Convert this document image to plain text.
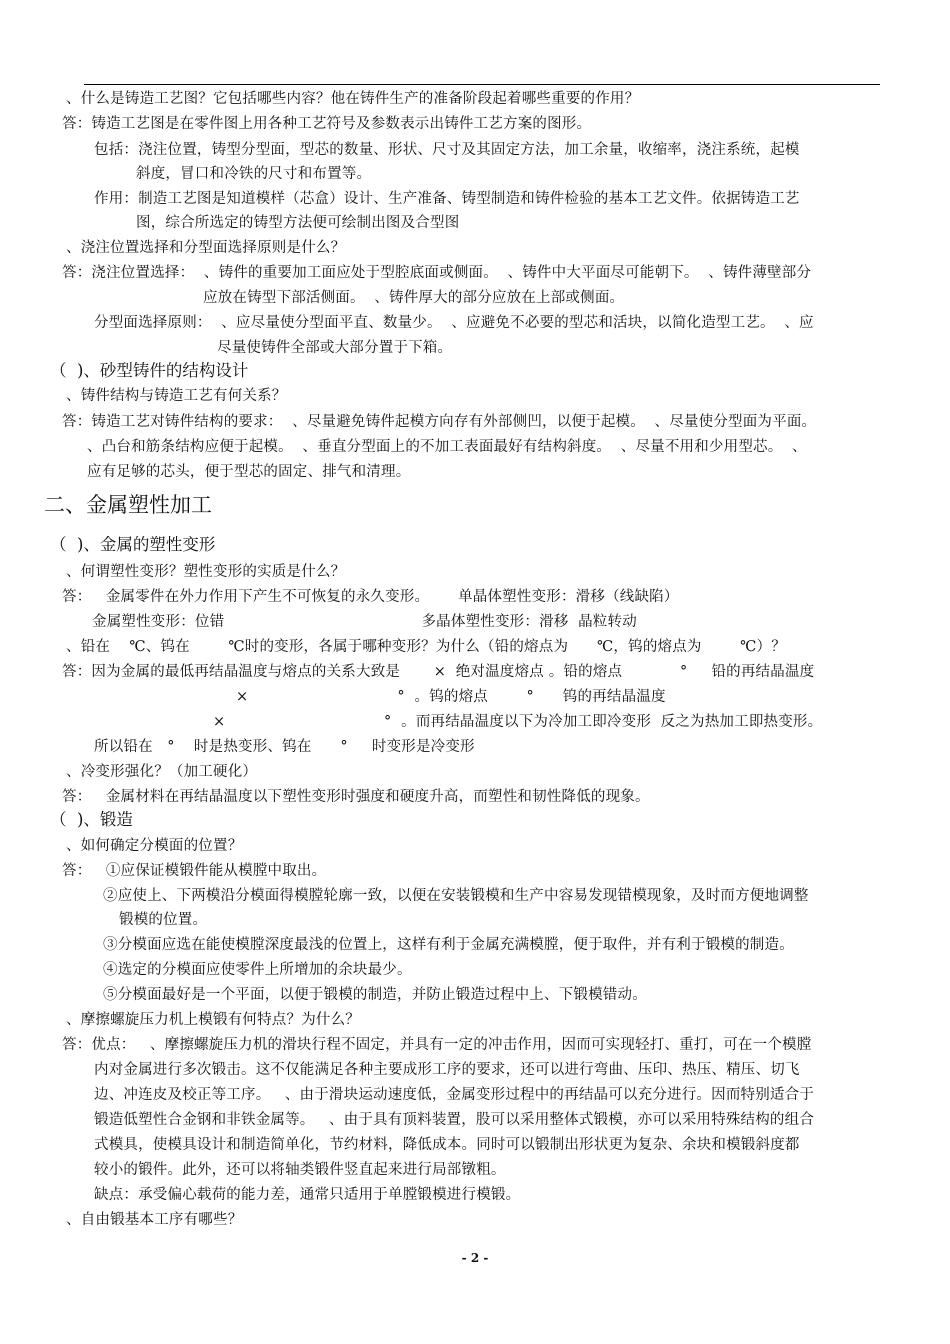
、什么是铸造工艺图？它包括哪些内容？他在铸件生产的准备阶段起着哪些重要的作用？
答：铸造工艺图是在零件图上用各种工艺符号及参数表示出铸件工艺方案的图形。
包括：浇注位置，铸型分型面，型芯的数量、形状、尺寸及其固定方法，加工余量，收缩率，浇注系统，起模
斜度，冒口和冷铁的尺寸和布置等。
作用：制造工艺图是知道模样（芯盒）设计、生产准备、铸型制造和铸件检验的基本工艺文件。依据铸造工艺
图，综合所选定的铸型方法便可绘制出图及合型图
、浇注位置选择和分型面选择原则是什么？
答：浇注位置选择：  、铸件的重要加工面应处于型腔底面或侧面。  、铸件中大平面尽可能朝下。  、铸件薄壁部分
应放在铸型下部活侧面。  、铸件厚大的部分应放在上部或侧面。
分型面选择原则：  、应尽量使分型面平直、数量少。  、应避免不必要的型芯和活块，以简化造型工艺。  、应
尽量使铸件全部或大部分置于下箱。
、铸件结构与铸造工艺有何关系？
答：铸造工艺对铸件结构的要求：  、尽量避免铸件起模方向存有外部侧凹，以便于起模。  、尽量使分型面为平面。
、凸台和筋条结构应便于起模。  、垂直分型面上的不加工表面最好有结构斜度。  、尽量不用和少用型芯。  、
应有足够的芯头，便于型芯的固定、排气和清理。
、何谓塑性变形？塑性变形的实质是什么？
答：   金属零件在外力作用下产生不可恢复的永久变形。      单晶体塑性变形：滑移（线缺陷）
金属塑性变形：位错                                         多晶体塑性变形：滑移  晶粒转动
、铅在    ℃、钨在        ℃时的变形，各属于哪种变形？为什么（铅的熔点为      ℃，钨的熔点为        ℃）？
答：因为金属的最低再结晶温度与熔点的关系大致是       ×  绝对温度熔点 。铅的熔点            °     铅的再结晶温度
×                               °  。钨的熔点        °      钨的再结晶温度
×                                 °  。而再结晶温度以下为冷加工即冷变形  反之为热加工即热变形。
所以铅在   °    时是热变形、钨在      °     时变形是冷变形
、冷变形强化？（加工硬化）
答：   金属材料在再结晶温度以下塑性变形时强度和硬度升高，而塑性和韧性降低的现象。
、如何确定分模面的位置？
答：   ①应保证模锻件能从模膛中取出。
②应使上、下两模沿分模面得模膛轮廓一致，以便在安装锻模和生产中容易发现错模现象，及时而方便地调整
锻模的位置。
③分模面应选在能使模膛深度最浅的位置上，这样有利于金属充满模膛，便于取件，并有利于锻模的制造。
④选定的分模面应使零件上所增加的余块最少。
⑤分模面最好是一个平面，以便于锻模的制造，并防止锻造过程中上、下锻模错动。
、摩擦螺旋压力机上模锻有何特点？为什么？
答：优点：   、摩擦螺旋压力机的滑块行程不固定，并具有一定的冲击作用，因而可实现轻打、重打，可在一个模膛
内对金属进行多次锻击。这不仅能满足各种主要成形工序的要求，还可以进行弯曲、压印、热压、精压、切飞
边、冲连皮及校正等工序。   、由于滑块运动速度低，金属变形过程中的再结晶可以充分进行。因而特别适合于
锻造低塑性合金钢和非铁金属等。   、由于具有顶料装置，股可以采用整体式锻模，亦可以采用特殊结构的组合
式模具，使模具设计和制造简单化，节约材料，降低成本。同时可以锻制出形状更为复杂、余块和模锻斜度都
较小的锻件。此外，还可以将轴类锻件竖直起来进行局部镦粗。
缺点：承受偏心载荷的能力差，通常只适用于单膛锻模进行模锻。
、自由锻基本工序有哪些？
（  )、砂型铸件的结构设计
二、金属塑性加工
（  )、金属的塑性变形
（  )、锻造
- 2 -
